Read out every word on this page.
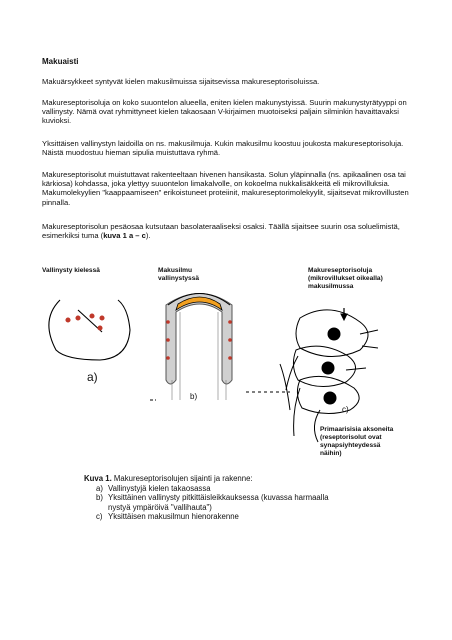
Makuaisti

Makuärsykkeet syntyvät kielen makusilmuissa sijaitsevissa makureseptorisoluissa.

Makureseptorisoluja on koko suuontelon alueella, eniten kielen makunystyissä. Suurin makunystyrätyyppi on vallinysty. Nämä ovat ryhmittyneet kielen takaosaan V-kirjaimen muotoiseksi paljain silminkin havaittavaksi kuvioksi.

Yksittäisen vallinystyn laidoilla on ns. makusilmuja. Kukin makusilmu koostuu joukosta makureseptorisoluja. Näistä muodostuu hieman sipulia muistuttava ryhmä.

Makureseptorisolut muistuttavat rakenteeltaan hivenen hansikasta. Solun yläpinnalla (ns. apikaalinen osa tai kärkiosa) kohdassa, joka ylettyy suuontelon limakalvolle, on kokoelma nukkalisäkkeitä eli mikrovilluksia. Makumolekyylien "kaappaamiseen" erikoistuneet proteiinit, makureseptorimolekyylit, sijaitsevat mikrovillusten pinnalla.

Makureseptorisolun pesäosaa kutsutaan basolateraaliseksi osaksi. Täällä sijaitsee suurin osa soluelimistä, esimerkiksi tuma (kuva 1 a – c).

Vallinysty kielessä	Makusilmu
vallinystyssä
Makureseptorisoluja
(mikrovillukset oikealla)
makusilmussa
Primaarisisia aksoneita
(reseptorisolut ovat
synapsiyhteydessä
näihin)
a)
b)
c)
Kuva 1. Makureseptorisolujen sijainti ja rakenne:
a) Vallinystyjä kielen takaosassa
b) Yksittäinen vallinysty pitkittäisleikkauksessa (kuvassa harmaalla nystyä ympäröivä "vallihauta")
c) Yksittäisen makusilmun hienorakenne
